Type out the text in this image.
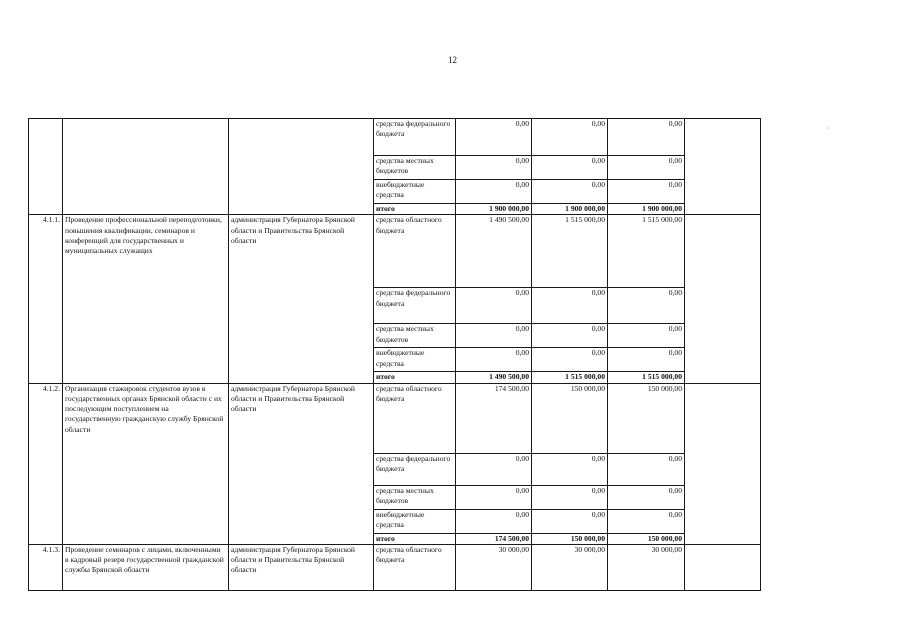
12
·
			средства федерального бюджета	0,00	0,00	0,00	
			средства местных бюджетов	0,00	0,00	0,00	
			внебюджетные средства	0,00	0,00	0,00	
			итого	1 900 000,00	1 900 000,00	1 900 000,00	
4.1.1.	Проведение профессиональной переподготовки, повышения квалификации, семинаров и конференций для государственных и муниципальных служащих	администрация Губернатора Брянской области и Правительства Брянской области	средства областного бюджета	1 490 500,00	1 515 000,00	1 515 000,00	
			средства федерального бюджета	0,00	0,00	0,00	
			средства местных бюджетов	0,00	0,00	0,00	
			внебюджетные средства	0,00	0,00	0,00	
			итого	1 490 500,00	1 515 000,00	1 515 000,00	
4.1.2.	Организация стажировок студентов вузов в государственных органах Брянской области с их последующим поступлением на государственную гражданскую службу Брянской области	администрация Губернатора Брянской области и Правительства Брянской области	средства областного бюджета	174 500,00	150 000,00	150 000,00	
			средства федерального бюджета	0,00	0,00	0,00	
			средства местных бюджетов	0,00	0,00	0,00	
			внебюджетные средства	0,00	0,00	0,00	
			итого	174 500,00	150 000,00	150 000,00	
4.1.3.	Проведение семинаров с лицами, включенными в кадровый резерв государственной гражданской службы Брянской области	администрация Губернатора Брянской области и Правительства Брянской области	средства областного бюджета	30 000,00	30 000,00	30 000,00	
